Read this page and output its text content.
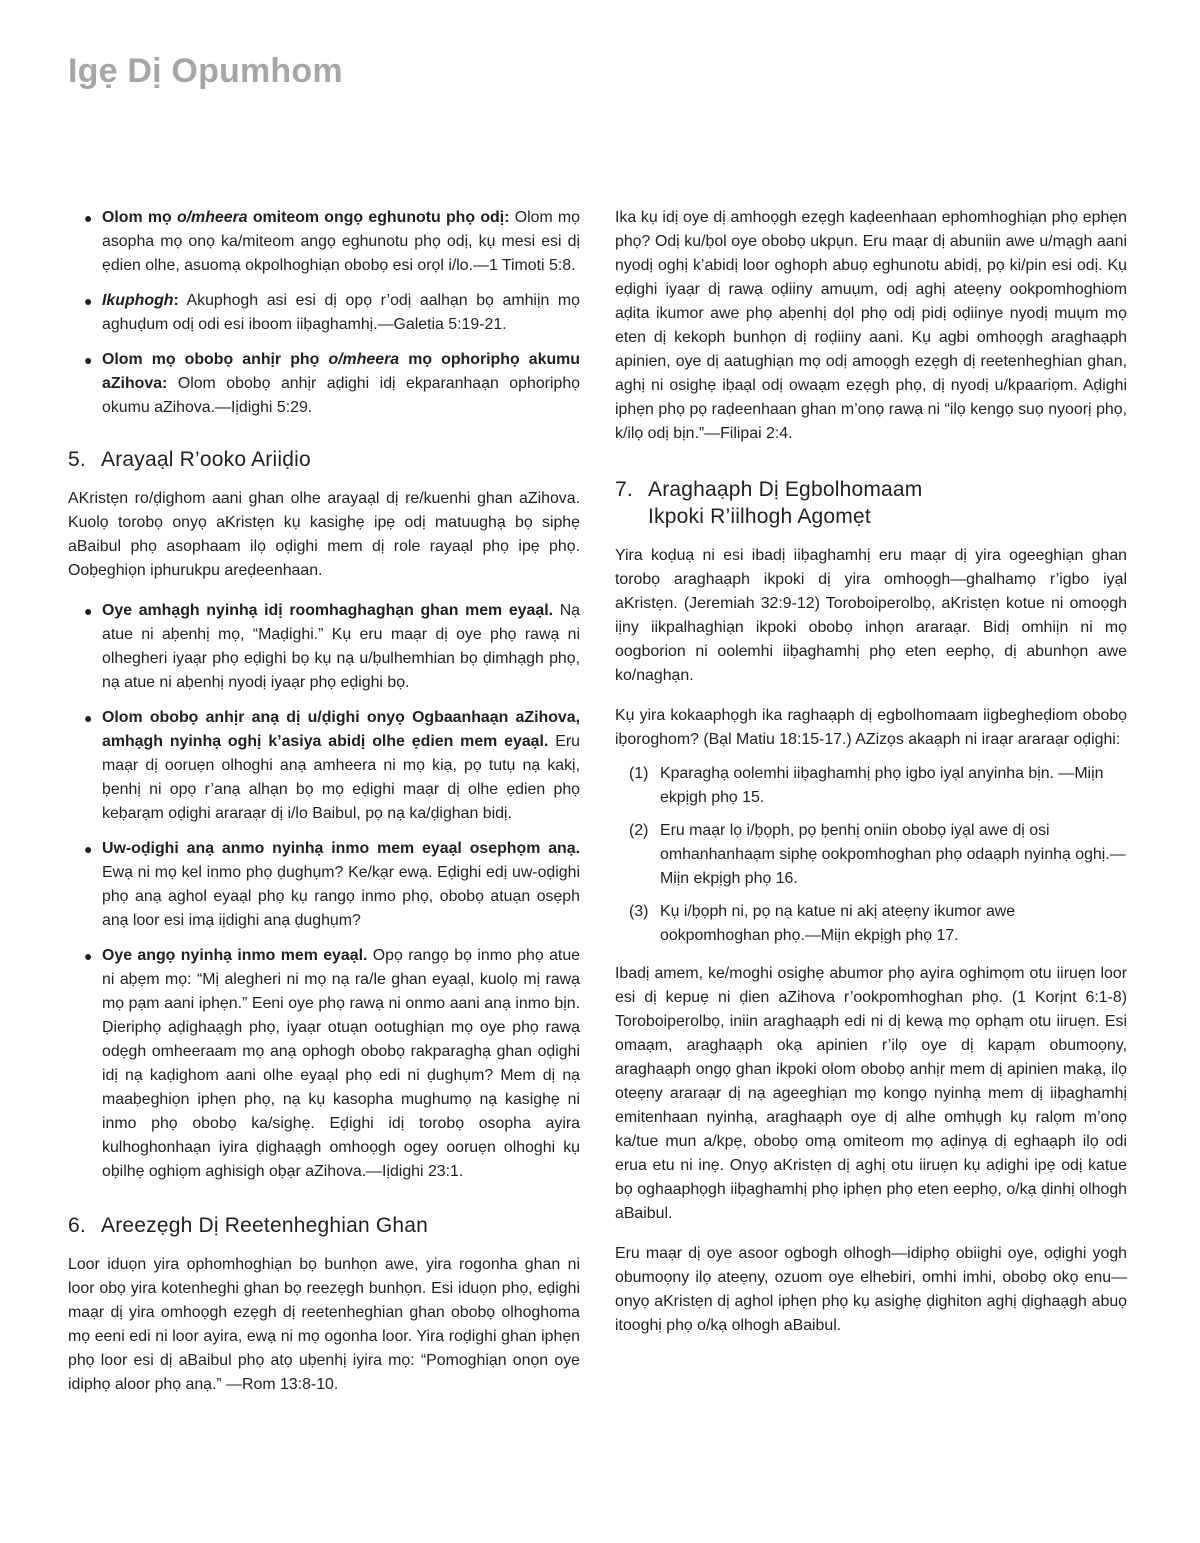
Igẹ Dị Opumhom
● Olom mọ o/mheera omiteom ongọ eghunotu phọ odị: Olom mọ asopha mọ onọ ka/miteom angọ eghunotu phọ odị, kụ mesi esi dị ẹdien olhe, asuomạ okpolhoghiạn obobọ esi orọl i/lo.—1 Timoti 5:8.
● Ikuphogh: Akuphogh asi esi dị opọ r’odị aalhạn bọ amhiịn mọ aghuḍum odị odi esi iboom iiḅaghamhị.—Galetia 5:19-21.
● Olom mọ obobọ anhịr phọ o/mheera mọ ophoriphọ akumu aZihova: Olom obobọ anhịr aḍighi idị ekparanhaạn ophoriphọ okumu aZihova.—Iịdighi 5:29.
5. Arayaạl R’ooko Ariiḍio

AKristẹn ro/ḍighom aani ghan olhe arayaạl dị re/kuenhi ghan aZihova. Kuolọ torobọ onyọ aKristẹn kụ kasighẹ ipẹ odị matuughạ bọ siphẹ aBaibul phọ asophaam ilọ oḍighi mem dị role rayaạl phọ ipẹ phọ. Ooḅeghiọn iphurukpu areḍeenhaan.

● Oye amhạgh nyinhạ idị roomhaghaghạn ghan mem eyaạl. Nạ atue ni aḅenhị mọ, “Maḍighi.” Kụ eru maạr dị oye phọ rawạ ni olhegheri iyaạr phọ eḍighi bọ kụ nạ u/ḅulhemhian bọ ḍimhạgh phọ, nạ atue ni aḅenhị nyodị iyaạr phọ eḍighi bọ.
● Olom obobọ anhịr anạ dị u/ḍighi onyọ Ogbaanhaạn aZihova, amhạgh nyinhạ oghị k’asiya abidị olhe ẹdien mem eyaạl. Eru maạr dị ooruẹn olhoghi anạ amheera ni mọ kiạ, pọ tutụ nạ kakị, ḅenhị ni opọ r’anạ alhạn bọ mọ eḍighi maạr dị olhe ẹdien phọ keḅarạm oḍighi araraạr dị i/lo Baibul, pọ nạ ka/ḍighan bidị.
● Uw-oḍighi anạ anmo nyinhạ inmo mem eyaạl osephọm anạ. Ewạ ni mọ kel inmo phọ ḍughụm? Ke/kạr ewạ. Eḍighi edị uw-oḍighi phọ anạ aghol eyaạl phọ kụ rangọ inmo phọ, obobọ atuạn osẹph anạ loor esi imạ iịdighi anạ ḍughụm?
● Oye angọ nyinhạ inmo mem eyaạl. Opọ rangọ bọ inmo phọ atue ni aḅẹm mọ: “Mị alegheri ni mọ nạ ra/le ghan eyaạl, kuolọ mị rawạ mọ pạm aani iphẹn.” Eeni oye phọ rawạ ni onmo aani anạ inmo bịn. Ḍieriphọ aḍighaạgh phọ, iyaạr otuạn ootughiạn mọ oye phọ rawạ odẹgh omheeraam mọ anạ ophogh obobọ rakparaghạ ghan oḍighi idị nạ kaḍighom aani olhe eyaạl phọ edi ni ḍughụm? Mem dị nạ maaḅeghiọn iphẹn phọ, nạ kụ kasopha mughumọ nạ kasighẹ ni inmo phọ obobọ ka/sighẹ. Eḍighi idị torobọ osopha ayira kulhoghonhaạn iyira ḍighaạgh omhoọgh ogey ooruẹn olhoghi kụ oḅilhẹ oghiọm aghisigh oḅạr aZihova.—Iịdighi 23:1.
6. Areezẹgh Dị Reetenheghian Ghan

Loor iduọn yira ophomhoghiạn bọ bunhọn awe, yira rogonha ghan ni loor obọ yira kotenheghi ghan bọ reezẹgh bunhọn. Esi iduọn phọ, eḍighi maạr dị yira omhoọgh ezẹgh dị reetenheghian ghan obobọ olhoghoma mọ eeni edi ni loor ayira, ewạ ni mọ ogonha loor. Yira roḍighi ghan iphẹn phọ loor esi dị aBaibul phọ atọ uḅenhị iyira mọ: “Pomoghiạn onọn oye idiphọ aloor phọ anạ.” —Rom 13:8-10.

Ika kụ idị oye dị amhoọgh ezẹgh kaḍeenhaan ephomhoghiạn phọ ephẹn phọ? Odị ku/ḅol oye obobọ ukpụn. Eru maạr dị abuniin awe u/mạgh aani nyodị oghị k’abidị loor oghoph abuọ eghunotu abidị, pọ ki/pin esi odị. Kụ eḍighi iyaạr dị rawạ oḍiiny amuụm, odị aghị ateẹny ookpomhoghiom aḍita ikumor awe phọ aḅenhị dọl phọ odị pidị oḍiinye nyodị muụm mọ eten dị kekoph bunhọn dị roḍiiny aani. Kụ agbi omhoọgh araghaạph apinien, oye dị aatughiạn mọ odị amoọgh ezẹgh dị reetenheghian ghan, aghị ni osighẹ iḅaạl odị owaạm ezẹgh phọ, dị nyodị u/kpaariọm. Aḍighi iphẹn phọ pọ raḍeenhaan ghan m’onọ rawạ ni “ilọ kengọ suọ nyoorị phọ, k/ilọ odị bịn.”—Filipai 2:4.

7. Araghaạph Dị Egbolhomaam
Ikpoki R’iilhogh Agomẹt

Yira koḍuạ ni esi ibadị iiḅaghamhị eru maạr dị yira ogeeghiạn ghan torobọ araghaạph ikpoki dị yira omhoọgh—ghalhamọ r’igbo iyạl aKristẹn. (Jeremiah 32:9-12) Toroboiperolbọ, aKristẹn kotue ni omoọgh iịny iikpalhaghiạn ikpoki obobọ inhọn araraạr. Bidị omhiịn ni mọ oogborion ni oolemhi iiḅaghamhị phọ eten eephọ, dị abunhọn awe ko/naghạn.

Kụ yira kokaaphọgh ika raghaạph dị egbolhomaam iigbegheḍiom obobọ iḅoroghom? (Bạl Matiu 18:15-17.) AZizọs akaạph ni iraạr araraạr oḍighi:

(1) Kparaghạ oolemhi iiḅaghamhị phọ igbo iyạl anyinha bịn. —Miịn ekpịgh phọ 15.
(2) Eru maạr lọ i/ḅọph, pọ ḅenhị oniin obobọ iyạl awe dị osi omhanhanhaạm siphẹ ookpomhoghan phọ odaạph nyinhạ oghị.—Miịn ekpịgh phọ 16.
(3) Kụ i/ḅọph ni, pọ nạ katue ni akị ateẹny ikumor awe ookpomhoghan phọ.—Miịn ekpịgh phọ 17.

Ibadị amem, ke/moghi osighẹ abumor phọ ayira oghimọm otu iiruẹn loor esi dị kepuẹ ni ḍien aZihova r’ookpomhoghan phọ. (1 Korịnt 6:1-8) Toroboiperolbọ, iniin araghaạph edi ni dị kewạ mọ ophạm otu iiruẹn. Esi omaạm, araghaạph okạ apinien r’ilọ oye dị kapạm obumoọny, araghaạph ongọ ghan ikpoki olom obobọ anhịr mem dị apinien makạ, ilọ oteẹny araraạr dị nạ ageeghiạn mọ kongọ nyinhạ mem dị iiḅaghamhị emitenhaan nyinhạ, araghaạph oye dị alhe omhụgh kụ ralọm m’onọ ka/tue mun a/kpẹ, obobọ omạ omiteom mọ aḍinyạ dị eghaạph ilọ odi erua etu ni inẹ. Onyọ aKristẹn dị aghị otu iiruẹn kụ aḍighi ipẹ odị katue bọ oghaaphọgh iiḅaghamhị phọ iphẹn phọ eten eephọ, o/kạ ḍinhị olhogh aBaibul.

Eru maạr dị oye asoor ogbogh olhogh—idiphọ obiighi oye, oḍighi yogh obumoọny ilọ ateẹny, ozuom oye elhebiri, omhi imhi, obobọ okọ enu—onyọ aKristẹn dị aghol iphẹn phọ kụ asighẹ ḍighiton aghị ḍighaạgh abuọ itooghị phọ o/kạ olhogh aBaibul.
